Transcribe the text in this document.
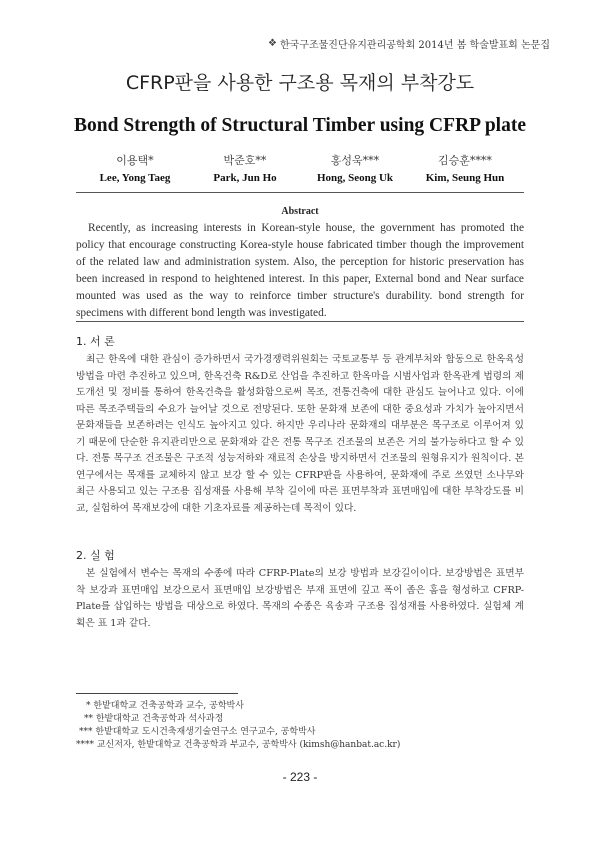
❖ 한국구조물진단유지관리공학회 2014년 봄 학술발표회 논문집
CFRP판을 사용한 구조용 목재의 부착강도
Bond Strength of Structural Timber using CFRP plate
이용택*
Lee, Yong Taeg
박준호**
Park, Jun Ho
홍성욱***
Hong, Seong Uk
김승훈****
Kim, Seung Hun
Abstract

Recently, as increasing interests in Korean-style house, the government has promoted the policy that encourage constructing Korea-style house fabricated timber though the improvement of the related law and administration system. Also, the perception for historic preservation has been increased in respond to heightened interest. In this paper, External bond and Near surface mounted was used as the way to reinforce timber structure's durability. bond strength for specimens with different bond length was investigated.

1. 서 론

최근 한옥에 대한 관심이 증가하면서 국가경쟁력위원회는 국토교통부 등 관계부처와 합동으로 한옥육성방법을 마련 추진하고 있으며, 한옥건축 R&D로 산업을 추진하고 한옥마을 시범사업과 한옥관계 법령의 제도개선 및 정비를 통하여 한옥건축을 활성화함으로써 목조, 전통건축에 대한 관심도 늘어나고 있다. 이에 따른 목조주택들의 수요가 늘어날 것으로 전망된다. 또한 문화재 보존에 대한 중요성과 가치가 높아지면서 문화재들을 보존하려는 인식도 높아지고 있다. 하지만 우리나라 문화재의 대부분은 목구조로 이루어져 있기 때문에 단순한 유지관리만으로 문화재와 같은 전통 목구조 건조물의 보존은 거의 불가능하다고 할 수 있다. 전통 목구조 건조물은 구조적 성능저하와 재료적 손상을 방지하면서 건조물의 원형유지가 원칙이다. 본 연구에서는 목재를 교체하지 않고 보강 할 수 있는 CFRP판을 사용하여, 문화재에 주로 쓰였던 소나무와 최근 사용되고 있는 구조용 집성재를 사용해 부착 길이에 따른 표면부착과 표면매입에 대한 부착강도를 비교, 실험하여 목재보강에 대한 기초자료를 제공하는데 목적이 있다.

2. 실 험

본 실험에서 변수는 목재의 수종에 따라 CFRP-Plate의 보강 방법과 보강길이이다. 보강방법은 표면부착 보강과 표면매입 보강으로서 표면매입 보강방법은 부재 표면에 깊고 폭이 좁은 홈을 형성하고 CFRP-Plate를 삽입하는 방법을 대상으로 하였다. 목재의 수종은 육송과 구조용 집성재를 사용하였다. 실험체 계획은 표 1과 같다.

* 한밭대학교 건축공학과 교수, 공학박사
** 한밭대학교 건축공학과 석사과정
*** 한밭대학교 도시건축재생기술연구소 연구교수, 공학박사
**** 교신저자, 한밭대학교 건축공학과 부교수, 공학박사 (kimsh@hanbat.ac.kr)
- 223 -
